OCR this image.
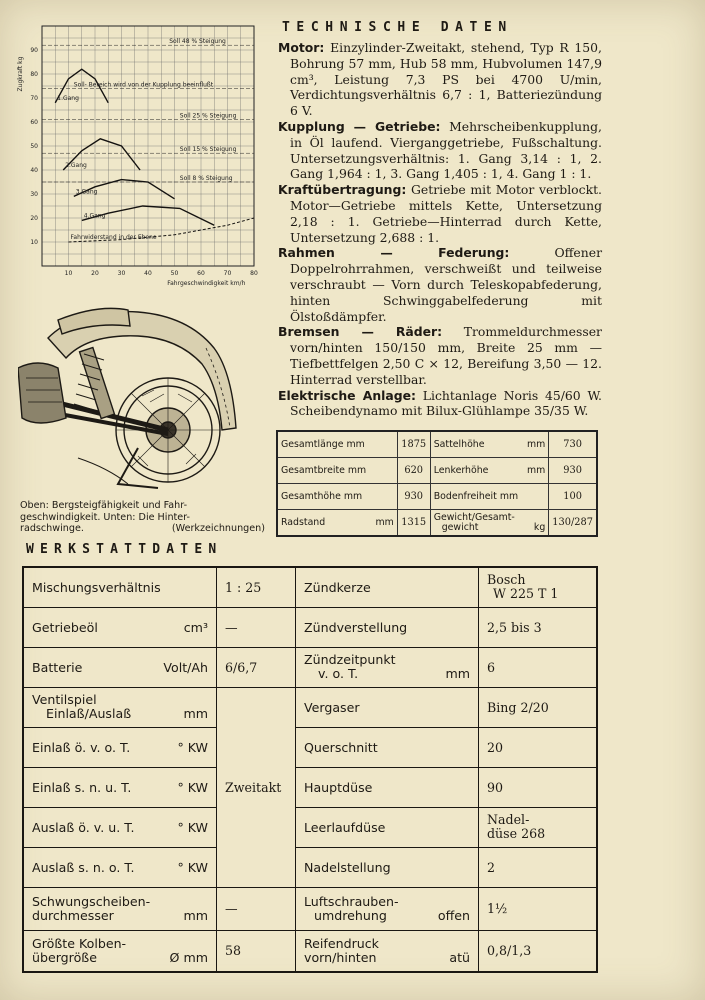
10	20	30	40	50	60	70	80
10
20
30
40
50
60
70
80
90
Fahrgeschwindigkeit km/h
Zugkraft kg
1.Gang
2.Gang
3.Gang
4.Gang
Fahrwiderstand in der Ebene
Soll 48 % Steigung
Soll 25 % Steigung
Soll 15 % Steigung
Soll 8 % Steigung
Soll- Bereich wird von der Kupplung beeinflußt
Oben: Bergsteigfähigkeit und Fahr-
geschwindigkeit. Unten: Die Hinter-
radschwinge.	(Werkzeichnungen)
TECHNISCHE DATEN
Motor: Einzylinder-Zweitakt, stehend, Typ R 150, Bohrung 57 mm, Hub 58 mm, Hubvolumen 147,9 cm³, Leistung 7,3 PS bei 4700 U/min, Verdichtungsverhältnis 6,7 : 1, Batteriezündung 6 V.
Kupplung — Getriebe: Mehrscheibenkupplung, in Öl laufend. Vierganggetriebe, Fußschaltung. Untersetzungsverhältnis: 1. Gang 3,14 : 1, 2. Gang 1,964 : 1, 3. Gang 1,405 : 1, 4. Gang 1 : 1.
Kraftübertragung: Getriebe mit Motor verblockt. Motor—Getriebe mittels Kette, Untersetzung 2,18 : 1. Getriebe—Hinterrad durch Kette, Untersetzung 2,688 : 1.
Rahmen — Federung:	Offener Doppelrohrrahmen, verschweißt und teilweise verschraubt — Vorn durch Teleskopabfederung, hinten Schwinggabelfederung mit Ölstoßdämpfer.
Bremsen — Räder: Trommeldurchmesser vorn/hinten 150/150 mm, Breite 25 mm — Tiefbettfelgen 2,50 C × 12, Bereifung 3,50 — 12. Hinterrad verstellbar.
Elektrische Anlage: Lichtanlage Noris 45/60 W. Scheibendynamo mit Bilux-Glühlampe 35/35 W.
Gesamtlänge mm	1875	Sattelhöhe mm	730
Gesamtbreite mm	620	Lenkerhöhe mm	930
Gesamthöhe mm	930	Bodenfreiheit mm	100

Radstand mm	1315	Gewicht/Gesamt-
gewicht kg	130/287
WERKSTATTDATEN
Mischungsverhältnis	1 : 25	Zündkerze	Bosch
W 225 T 1
Getriebeöl cm³	—	Zündverstellung	2,5 bis 3
Batterie Volt/Ah	6/6,7	Zündzeitpunkt
v. o. T. mm	6
Ventilspiel
Einlaß/Auslaß mm	Zweitakt	Vergaser	Bing 2/20
Einlaß ö. v. o. T. ° KW		Querschnitt	20
Einlaß s. n. u. T. ° KW		Hauptdüse	90
Auslaß ö. v. u. T. ° KW		Leerlaufdüse	Nadel-
düse 268
Auslaß s. n. o. T. ° KW		Nadelstellung	2
Schwungscheiben-
durchmesser mm	—	Luftschrauben-
umdrehung offen	1½
Größte Kolben-
übergröße Ø mm	58	Reifendruck
vorn/hinten atü	0,8/1,3
